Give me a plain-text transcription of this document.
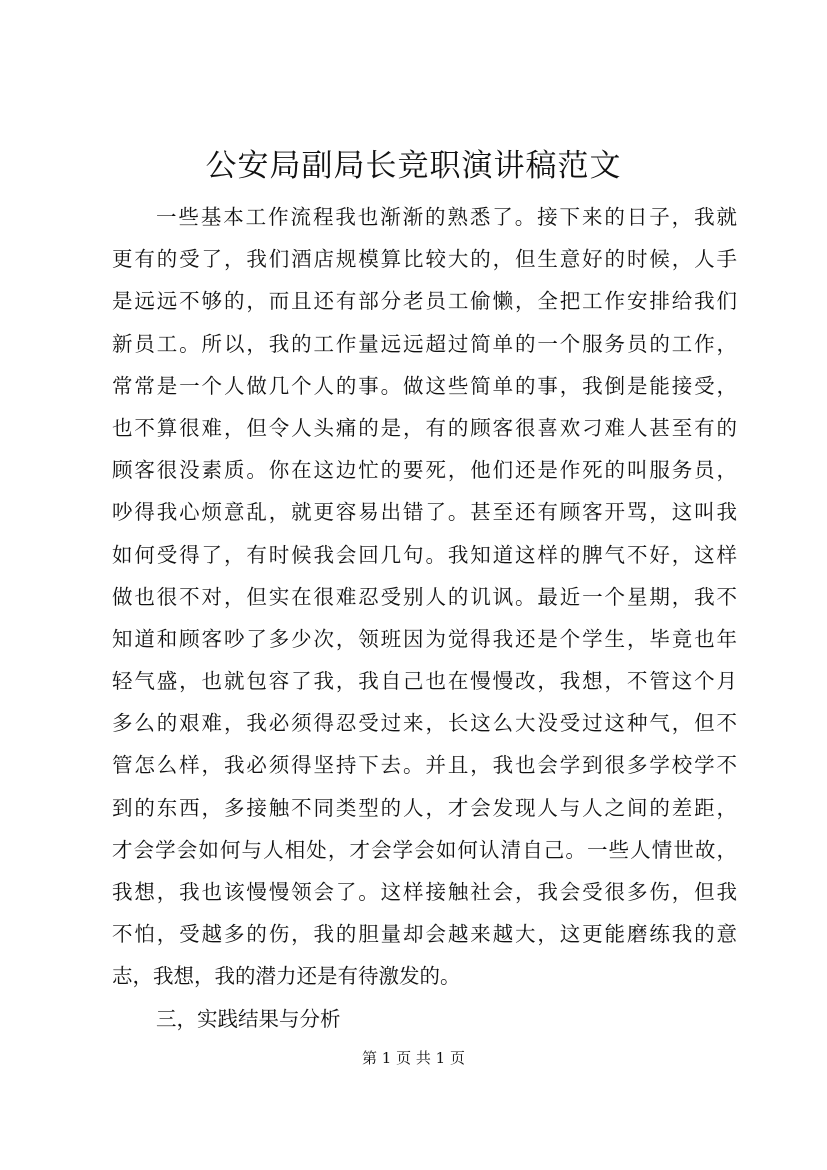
公安局副局长竞职演讲稿范文
一些基本工作流程我也渐渐的熟悉了。接下来的日子，我就
更有的受了，我们酒店规模算比较大的，但生意好的时候，人手
是远远不够的，而且还有部分老员工偷懒，全把工作安排给我们
新员工。所以，我的工作量远远超过简单的一个服务员的工作，
常常是一个人做几个人的事。做这些简单的事，我倒是能接受，
也不算很难，但令人头痛的是，有的顾客很喜欢刁难人甚至有的
顾客很没素质。你在这边忙的要死，他们还是作死的叫服务员，
吵得我心烦意乱，就更容易出错了。甚至还有顾客开骂，这叫我
如何受得了，有时候我会回几句。我知道这样的脾气不好，这样
做也很不对，但实在很难忍受别人的讥讽。最近一个星期，我不
知道和顾客吵了多少次，领班因为觉得我还是个学生，毕竟也年
轻气盛，也就包容了我，我自己也在慢慢改，我想，不管这个月
多么的艰难，我必须得忍受过来，长这么大没受过这种气，但不
管怎么样，我必须得坚持下去。并且，我也会学到很多学校学不
到的东西，多接触不同类型的人，才会发现人与人之间的差距，
才会学会如何与人相处，才会学会如何认清自己。一些人情世故，
我想，我也该慢慢领会了。这样接触社会，我会受很多伤，但我
不怕，受越多的伤，我的胆量却会越来越大，这更能磨练我的意
志，我想，我的潜力还是有待激发的。
三，实践结果与分析
第 1 页 共 1 页
